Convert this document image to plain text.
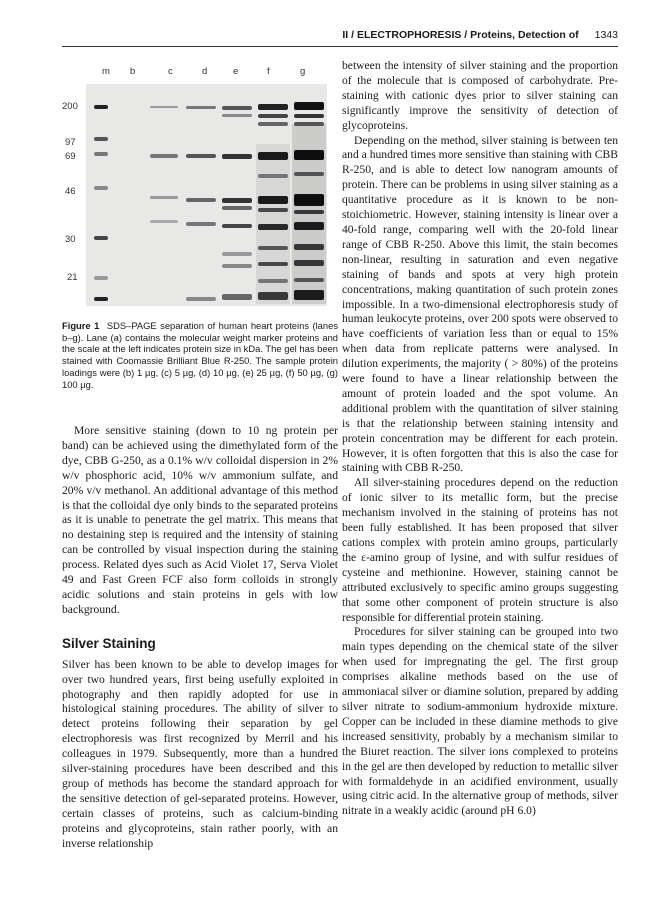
II / ELECTROPHORESIS / Proteins, Detection of 1343
m b	c	d	e	f	g
200
97
69
46
30
21
Figure 1 SDS–PAGE separation of human heart proteins (lanes b–g). Lane (a) contains the molecular weight marker proteins and the scale at the left indicates protein size in kDa. The gel has been stained with Coomassie Brilliant Blue R-250. The sample protein loadings were (b) 1 µg, (c) 5 µg, (d) 10 µg, (e) 25 µg, (f) 50 µg, (g) 100 µg.

More sensitive staining (down to 10 ng protein per band) can be achieved using the dimethylated form of the dye, CBB G-250, as a 0.1% w/v colloidal dispersion in 2% w/v phosphoric acid, 10% w/v ammonium sulfate, and 20% v/v methanol. An additional advantage of this method is that the colloidal dye only binds to the separated proteins as it is unable to penetrate the gel matrix. This means that no destaining step is required and the intensity of staining can be controlled by visual inspection during the staining process. Related dyes such as Acid Violet 17, Serva Violet 49 and Fast Green FCF also form colloids in strongly acidic solutions and stain proteins in gels with low background.

Silver Staining

Silver has been known to be able to develop images for over two hundred years, first being usefully exploited in photography and then rapidly adopted for use in histological staining procedures. The ability of silver to detect proteins following their separation by gel electrophoresis was first recognized by Merril and his colleagues in 1979. Subsequently, more than a hundred silver-staining procedures have been described and this group of methods has become the standard approach for the sensitive detection of gel-separated proteins. However, certain classes of proteins, such as calcium-binding proteins and glycoproteins, stain rather poorly, with an inverse relationship

between the intensity of silver staining and the proportion of the molecule that is composed of carbohydrate. Pre-staining with cationic dyes prior to silver staining can significantly improve the sensitivity of detection of glycoproteins.

Depending on the method, silver staining is between ten and a hundred times more sensitive than staining with CBB R-250, and is able to detect low nanogram amounts of protein. There can be problems in using silver staining as a quantitative procedure as it is known to be non-stoichiometric. However, staining intensity is linear over a 40-fold range, comparing well with the 20-fold linear range of CBB R-250. Above this limit, the stain becomes non-linear, resulting in saturation and even negative staining of bands and spots at very high protein concentrations, making quantitation of such protein zones impossible. In a two-dimensional electrophoresis study of human leukocyte proteins, over 200 spots were observed to have coefficients of variation less than or equal to 15% when data from replicate patterns were analysed. In dilution experiments, the majority ( > 80%) of the proteins were found to have a linear relationship between the amount of protein loaded and the spot volume. An additional problem with the quantitation of silver staining is that the relationship between staining intensity and protein concentration may be different for each protein. However, it is often forgotten that this is also the case for staining with CBB R-250.

All silver-staining procedures depend on the reduction of ionic silver to its metallic form, but the precise mechanism involved in the staining of proteins has not been fully established. It has been proposed that silver cations complex with protein amino groups, particularly the ε-amino group of lysine, and with sulfur residues of cysteine and methionine. However, staining cannot be attributed exclusively to specific amino groups suggesting that some other component of protein structure is also responsible for differential protein staining.

Procedures for silver staining can be grouped into two main types depending on the chemical state of the silver when used for impregnating the gel. The first group comprises alkaline methods based on the use of ammoniacal silver or diamine solution, prepared by adding silver nitrate to sodium-ammonium hydroxide mixture. Copper can be included in these diamine methods to give increased sensitivity, probably by a mechanism similar to the Biuret reaction. The silver ions complexed to proteins in the gel are then developed by reduction to metallic silver with formaldehyde in an acidified environment, usually using citric acid. In the alternative group of methods, silver nitrate in a weakly acidic (around pH 6.0)
